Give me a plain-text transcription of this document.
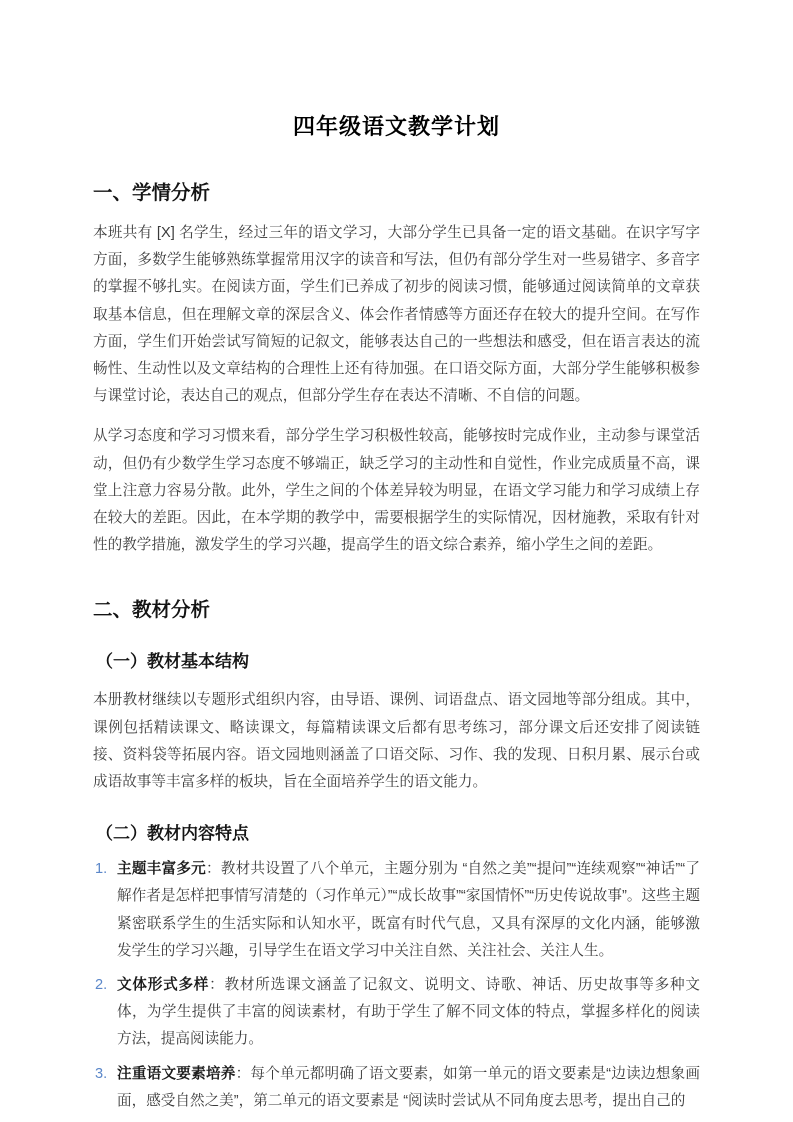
四年级语文教学计划
一、学情分析

本班共有 [X] 名学生，经过三年的语文学习，大部分学生已具备一定的语文基础。在识字写字方面，多数学生能够熟练掌握常用汉字的读音和写法，但仍有部分学生对一些易错字、多音字的掌握不够扎实。在阅读方面，学生们已养成了初步的阅读习惯，能够通过阅读简单的文章获取基本信息，但在理解文章的深层含义、体会作者情感等方面还存在较大的提升空间。在写作方面，学生们开始尝试写简短的记叙文，能够表达自己的一些想法和感受，但在语言表达的流畅性、生动性以及文章结构的合理性上还有待加强。在口语交际方面，大部分学生能够积极参与课堂讨论，表达自己的观点，但部分学生存在表达不清晰、不自信的问题。

从学习态度和学习习惯来看，部分学生学习积极性较高，能够按时完成作业，主动参与课堂活动，但仍有少数学生学习态度不够端正，缺乏学习的主动性和自觉性，作业完成质量不高，课堂上注意力容易分散。此外，学生之间的个体差异较为明显，在语文学习能力和学习成绩上存在较大的差距。因此，在本学期的教学中，需要根据学生的实际情况，因材施教，采取有针对性的教学措施，激发学生的学习兴趣，提高学生的语文综合素养，缩小学生之间的差距。

二、教材分析
（一）教材基本结构

本册教材继续以专题形式组织内容，由导语、课例、词语盘点、语文园地等部分组成。其中，课例包括精读课文、略读课文，每篇精读课文后都有思考练习，部分课文后还安排了阅读链接、资料袋等拓展内容。语文园地则涵盖了口语交际、习作、我的发现、日积月累、展示台或成语故事等丰富多样的板块，旨在全面培养学生的语文能力。

（二）教材内容特点
1. 主题丰富多元：教材共设置了八个单元，主题分别为 “自然之美”“提问”“连续观察”“神话”“了解作者是怎样把事情写清楚的（习作单元）”“成长故事”“家国情怀”“历史传说故事”。这些主题紧密联系学生的生活实际和认知水平，既富有时代气息，又具有深厚的文化内涵，能够激发学生的学习兴趣，引导学生在语文学习中关注自然、关注社会、关注人生。
2. 文体形式多样：教材所选课文涵盖了记叙文、说明文、诗歌、神话、历史故事等多种文体，为学生提供了丰富的阅读素材，有助于学生了解不同文体的特点，掌握多样化的阅读方法，提高阅读能力。
3. 注重语文要素培养：每个单元都明确了语文要素，如第一单元的语文要素是“边读边想象画面，感受自然之美”，第二单元的语文要素是 “阅读时尝试从不同角度去思考，提出自己的
